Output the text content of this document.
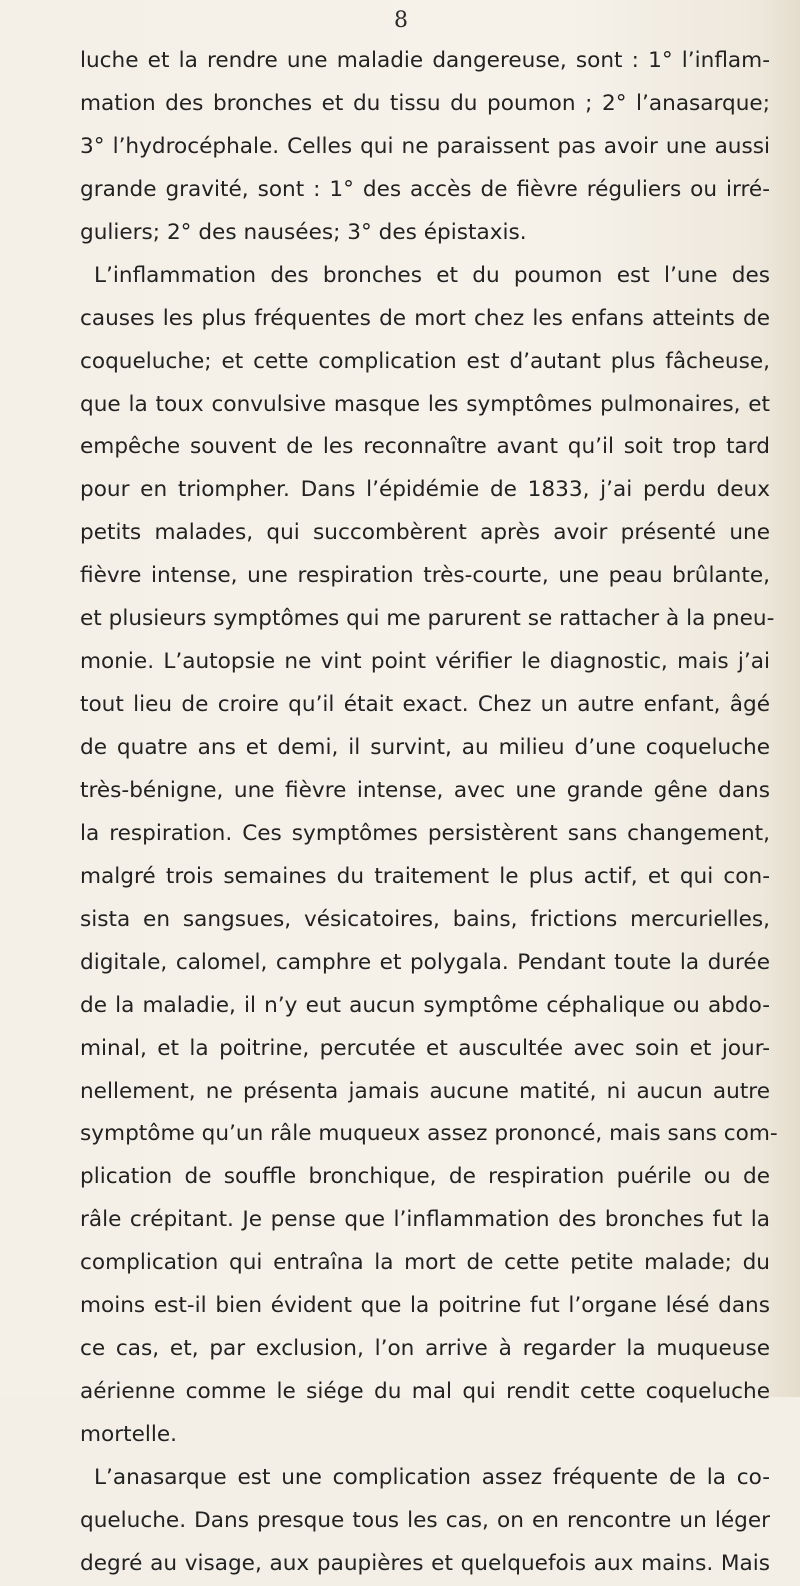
8
luche et la rendre une maladie dangereuse, sont : 1° l’inflam-
mation des bronches et du tissu du poumon ; 2° l’anasarque;
3° l’hydrocéphale. Celles qui ne paraissent pas avoir une aussi
grande gravité, sont : 1° des accès de fièvre réguliers ou irré-
guliers; 2° des nausées; 3° des épistaxis.
L’inflammation des bronches et du poumon est l’une des
causes les plus fréquentes de mort chez les enfans atteints de
coqueluche; et cette complication est d’autant plus fâcheuse,
que la toux convulsive masque les symptômes pulmonaires, et
empêche souvent de les reconnaître avant qu’il soit trop tard
pour en triompher. Dans l’épidémie de 1833, j’ai perdu deux
petits malades, qui succombèrent après avoir présenté une
fièvre intense, une respiration très-courte, une peau brûlante,
et plusieurs symptômes qui me parurent se rattacher à la pneu-
monie. L’autopsie ne vint point vérifier le diagnostic, mais j’ai
tout lieu de croire qu’il était exact. Chez un autre enfant, âgé
de quatre ans et demi, il survint, au milieu d’une coqueluche
très-bénigne, une fièvre intense, avec une grande gêne dans
la respiration. Ces symptômes persistèrent sans changement,
malgré trois semaines du traitement le plus actif, et qui con-
sista en sangsues, vésicatoires, bains, frictions mercurielles,
digitale, calomel, camphre et polygala. Pendant toute la durée
de la maladie, il n’y eut aucun symptôme céphalique ou abdo-
minal, et la poitrine, percutée et auscultée avec soin et jour-
nellement, ne présenta jamais aucune matité, ni aucun autre
symptôme qu’un râle muqueux assez prononcé, mais sans com-
plication de souffle bronchique, de respiration puérile ou de
râle crépitant. Je pense que l’inflammation des bronches fut la
complication qui entraîna la mort de cette petite malade; du
moins est-il bien évident que la poitrine fut l’organe lésé dans
ce cas, et, par exclusion, l’on arrive à regarder la muqueuse
aérienne comme le siége du mal qui rendit cette coqueluche
mortelle.
L’anasarque est une complication assez fréquente de la co-
queluche. Dans presque tous les cas, on en rencontre un léger
degré au visage, aux paupières et quelquefois aux mains. Mais
